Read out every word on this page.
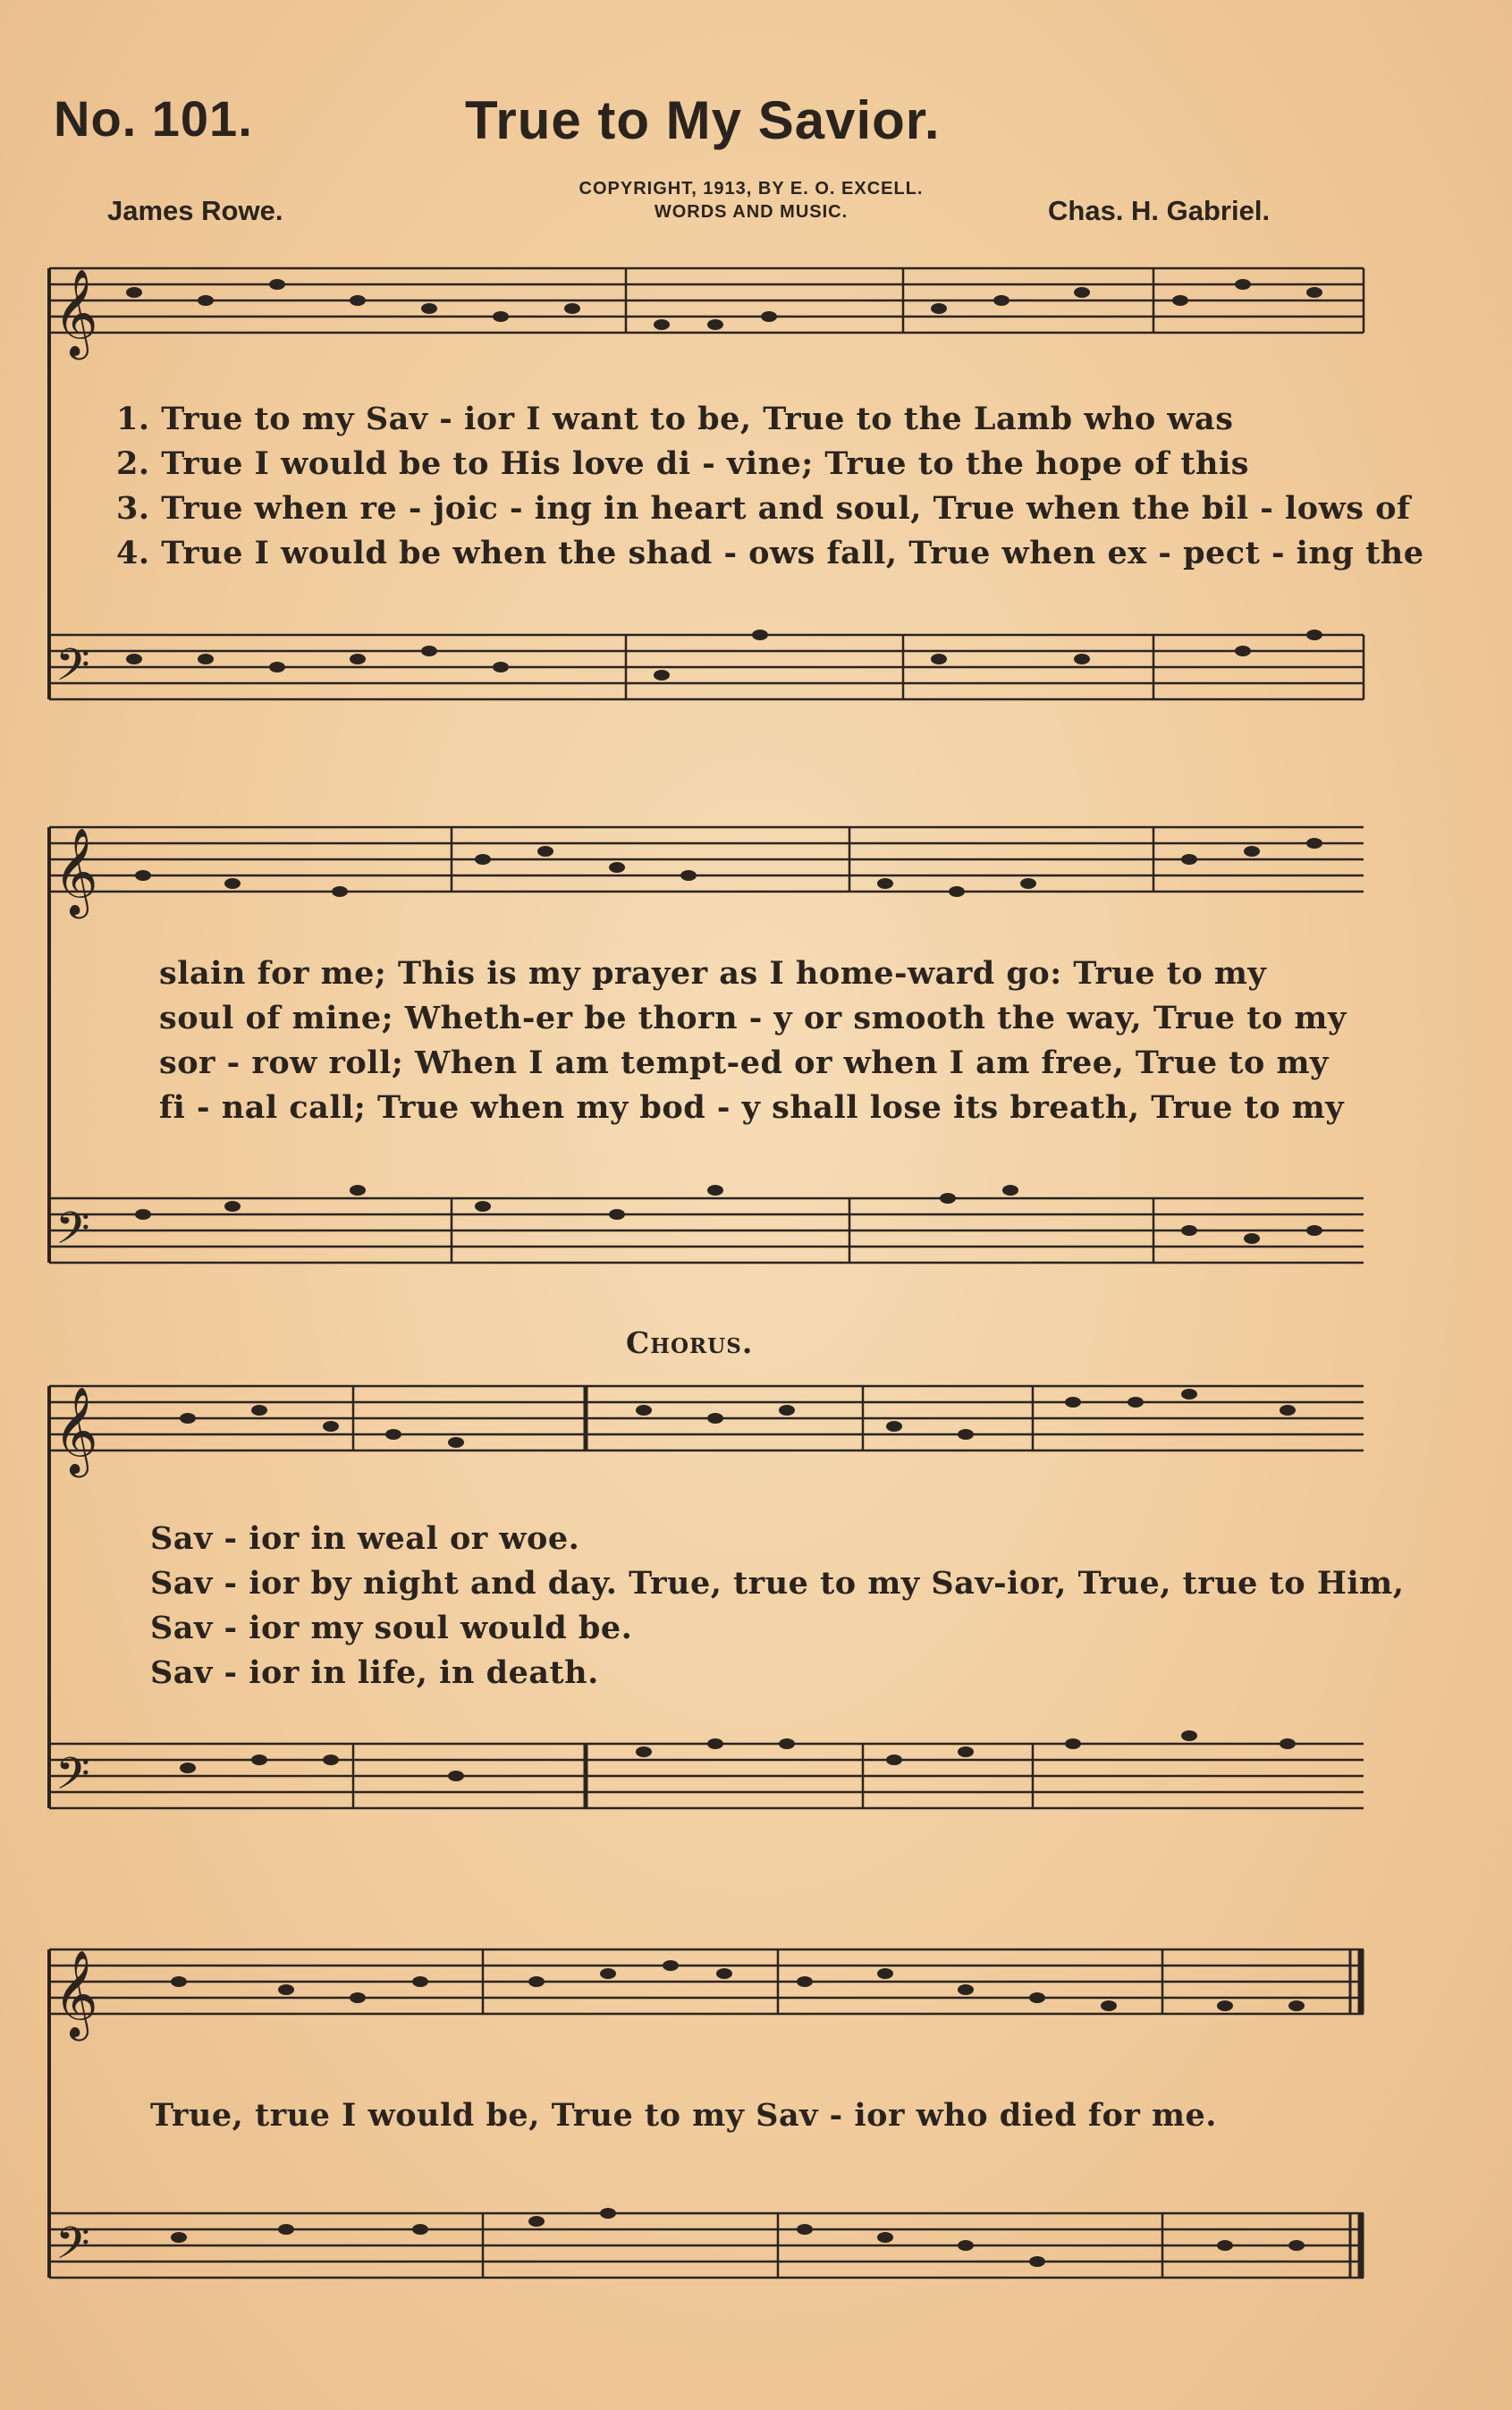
No. 101.	True to My Savior.
COPYRIGHT, 1913, BY E. O. EXCELL.
WORDS AND MUSIC.
James Rowe.	Chas. H. Gabriel.
𝄞
𝄞
𝄞
𝄞
𝄢
𝄢
𝄢
𝄢
1. True to my Sav - ior I want to be, True to the Lamb who was
2. True I would be to His love di - vine; True to the hope of this
3. True when re - joic - ing in heart and soul, True when the bil - lows of
4. True I would be when the shad - ows fall, True when ex - pect - ing the
slain for me; This is my prayer as I home-ward go: True to my
soul of mine; Wheth-er be thorn - y or smooth the way, True to my
sor - row roll; When I am tempt-ed or when I am free, True to my
fi - nal call; True when my bod - y shall lose its breath, True to my
Chorus.
Sav - ior in weal or woe.
Sav - ior by night and day. True, true to my Sav-ior, True, true to Him,
Sav - ior my soul would be.
Sav - ior in life, in death.
True, true I would be, True to my Sav - ior who died for me.
